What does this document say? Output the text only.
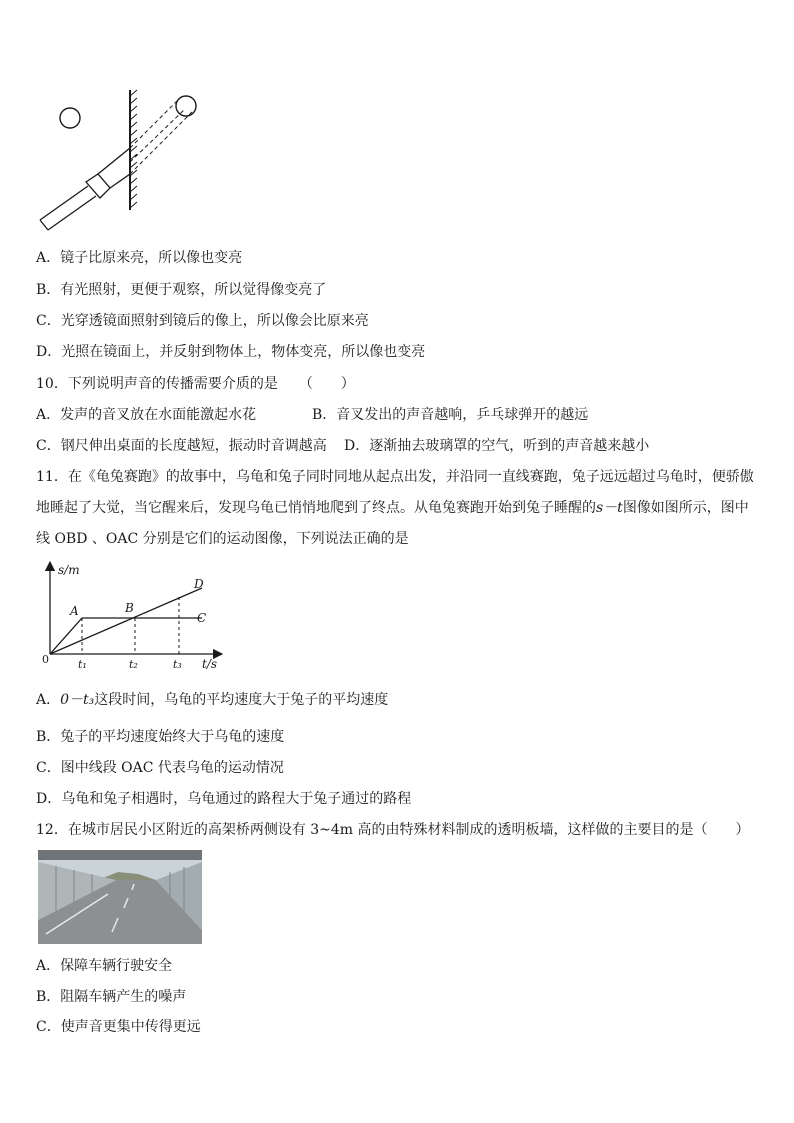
A．镜子比原来亮，所以像也变亮
B．有光照射，更便于观察，所以觉得像变亮了
C．光穿透镜面照射到镜后的像上，所以像会比原来亮
D．光照在镜面上，并反射到物体上，物体变亮，所以像也变亮
10．下列说明声音的传播需要介质的是　　（　　）
A．发声的音叉放在水面能激起水花	B．音叉发出的声音越响，乒乓球弹开的越远
C．钢尺伸出桌面的长度越短，振动时音调越高 D．逐渐抽去玻璃罩的空气，听到的声音越来越小
11．在《龟兔赛跑》的故事中，乌龟和兔子同时同地从起点出发，并沿同一直线赛跑，兔子远远超过乌龟时，便骄傲
地睡起了大觉，当它醒来后，发现乌龟已悄悄地爬到了终点。从龟兔赛跑开始到兔子睡醒的s－t图像如图所示，图中
线 OBD 、OAC 分别是它们的运动图像，下列说法正确的是
s/m
t/s
0
A	B
C
D
t₁	t₂	t₃
A．0－t₃这段时间，乌龟的平均速度大于兔子的平均速度
B．兔子的平均速度始终大于乌龟的速度
C．图中线段 OAC 代表乌龟的运动情况
D．乌龟和兔子相遇时，乌龟通过的路程大于兔子通过的路程
12．在城市居民小区附近的高架桥两侧设有 3~4m 高的由特殊材料制成的透明板墙，这样做的主要目的是（　　）
A．保障车辆行驶安全
B．阻隔车辆产生的噪声
C．使声音更集中传得更远
